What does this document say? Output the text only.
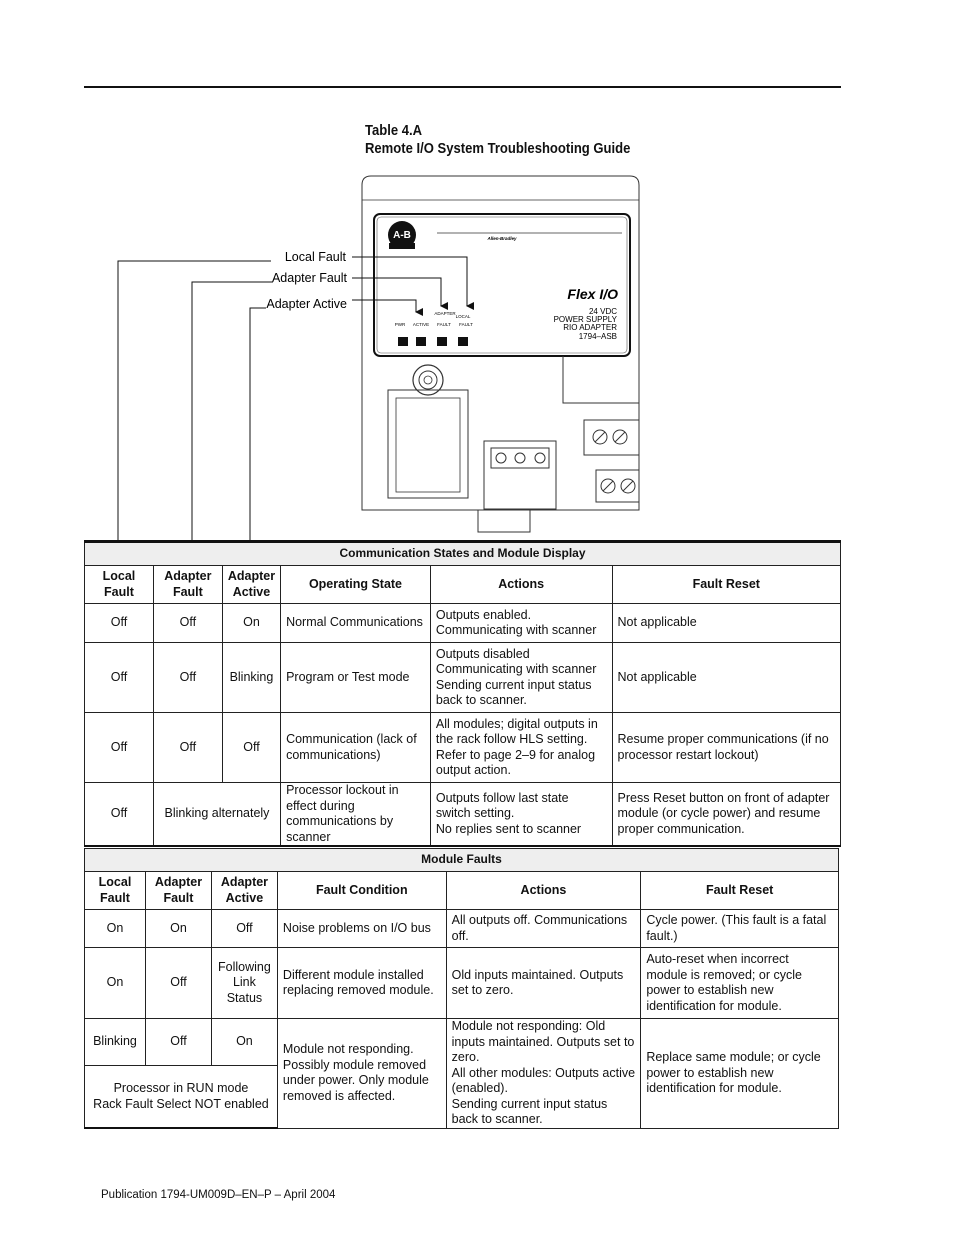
Table 4.A
Remote I/O System Troubleshooting Guide
A-B	Allen-Bradley
Flex I/O
24 VDC
POWER SUPPLY
RIO ADAPTER
1794–ASB
PWR ACTIVE FAULT FAULT
ADAPTER
LOCAL
Local Fault
Adapter Fault
Adapter Active
Communication States and Module Display					
Local Fault	Adapter Fault	Adapter Active	Operating State	Actions	Fault Reset
Off	Off	On	Normal Communications	Outputs enabled.
Communicating with scanner	Not applicable
Off	Off	Blinking	Program or Test mode	Outputs disabled
Communicating with scanner
Sending current input status back to scanner.	Not applicable
Off	Off	Off	Communication (lack of communications)	All modules; digital outputs in the rack follow HLS setting.
Refer to page 2–9 for analog output action.	Resume proper communications (if no processor restart lockout)
Off	Blinking alternately		Processor lockout in effect during communications by scanner	Outputs follow last state switch setting.
No replies sent to scanner	Press Reset button on front of adapter module (or cycle power) and resume proper communication.
Module Faults					
Local Fault	Adapter Fault	Adapter Active	Fault Condition	Actions	Fault Reset
On	On	Off	Noise problems on I/O bus	All outputs off. Communications off.	Cycle power. (This fault is a fatal fault.)
On	Off	Following Link Status	Different module installed replacing removed module.	Old inputs maintained. Outputs set to zero.	Auto-reset when incorrect module is removed; or cycle power to establish new identification for module.
Blinking	Off	On	Module not responding.
Possibly module removed under power. Only module removed is affected.	Module not responding: Old inputs maintained. Outputs set to zero.
All other modules: Outputs active (enabled).
Sending current input status back to scanner.	Replace same module; or cycle power to establish new identification for module.
Processor in RUN mode
Rack Fault Select NOT enabled					
Publication 1794-UM009D–EN–P – April 2004
